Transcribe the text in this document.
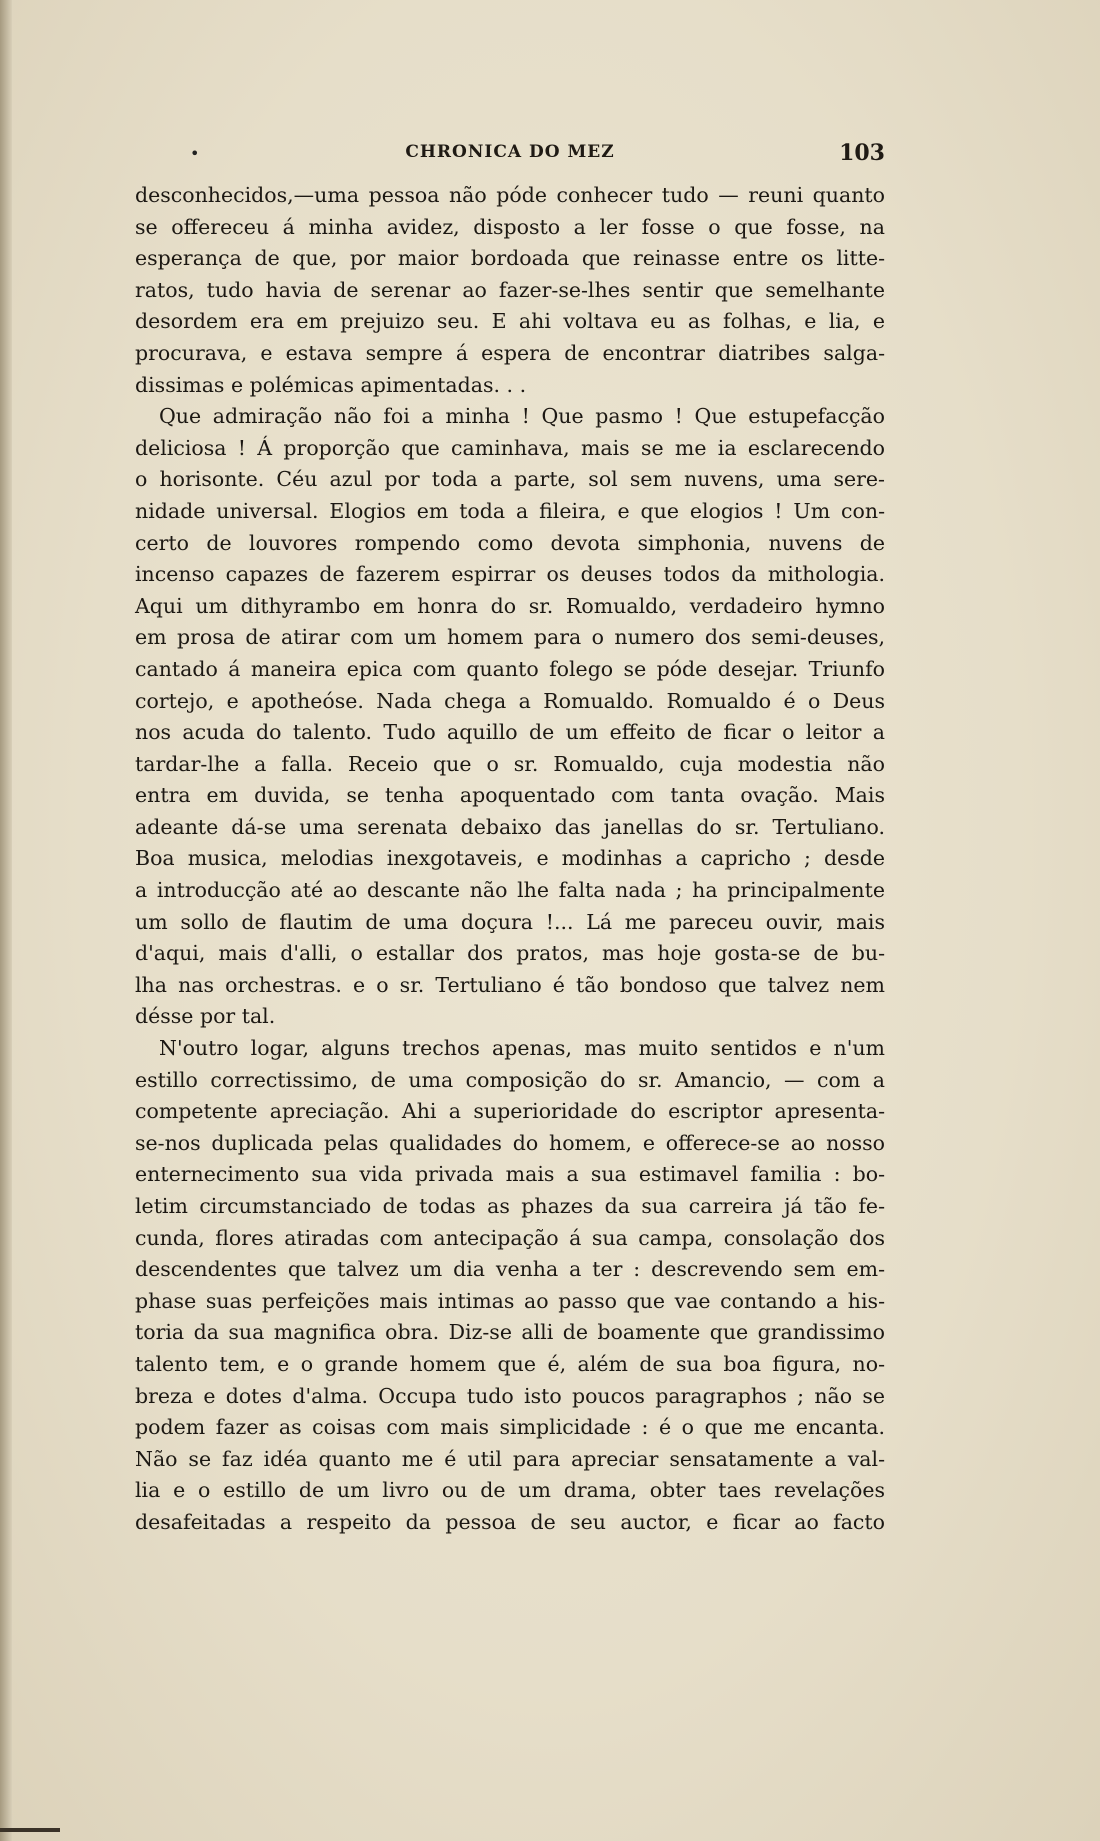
•	CHRONICA DO MEZ	103
desconhecidos,—uma pessoa não póde conhecer tudo — reuni quanto
se offereceu á minha avidez, disposto a ler fosse o que fosse, na
esperança de que, por maior bordoada que reinasse entre os litte-
ratos, tudo havia de serenar ao fazer-se-lhes sentir que semelhante
desordem era em prejuizo seu. E ahi voltava eu as folhas, e lia, e
procurava, e estava sempre á espera de encontrar diatribes salga-
dissimas e polémicas apimentadas. . .
Que admiração não foi a minha ! Que pasmo ! Que estupefacção
deliciosa ! Á proporção que caminhava, mais se me ia esclarecendo
o horisonte. Céu azul por toda a parte, sol sem nuvens, uma sere-
nidade universal. Elogios em toda a fileira, e que elogios ! Um con-
certo de louvores rompendo como devota simphonia, nuvens de
incenso capazes de fazerem espirrar os deuses todos da mithologia.
Aqui um dithyrambo em honra do sr. Romualdo, verdadeiro hymno
em prosa de atirar com um homem para o numero dos semi-deuses,
cantado á maneira epica com quanto folego se póde desejar. Triunfo
cortejo, e apotheóse. Nada chega a Romualdo. Romualdo é o Deus
nos acuda do talento. Tudo aquillo de um effeito de ficar o leitor a
tardar-lhe a falla. Receio que o sr. Romualdo, cuja modestia não
entra em duvida, se tenha apoquentado com tanta ovação. Mais
adeante dá-se uma serenata debaixo das janellas do sr. Tertuliano.
Boa musica, melodias inexgotaveis, e modinhas a capricho ; desde
a introducção até ao descante não lhe falta nada ; ha principalmente
um sollo de flautim de uma doçura !... Lá me pareceu ouvir, mais
d'aqui, mais d'alli, o estallar dos pratos, mas hoje gosta-se de bu-
lha nas orchestras. e o sr. Tertuliano é tão bondoso que talvez nem
désse por tal.
N'outro logar, alguns trechos apenas, mas muito sentidos e n'um
estillo correctissimo, de uma composição do sr. Amancio, — com a
competente apreciação. Ahi a superioridade do escriptor apresenta-
se-nos duplicada pelas qualidades do homem, e offerece-se ao nosso
enternecimento sua vida privada mais a sua estimavel familia : bo-
letim circumstanciado de todas as phazes da sua carreira já tão fe-
cunda, flores atiradas com antecipação á sua campa, consolação dos
descendentes que talvez um dia venha a ter : descrevendo sem em-
phase suas perfeições mais intimas ao passo que vae contando a his-
toria da sua magnifica obra. Diz-se alli de boamente que grandissimo
talento tem, e o grande homem que é, além de sua boa figura, no-
breza e dotes d'alma. Occupa tudo isto poucos paragraphos ; não se
podem fazer as coisas com mais simplicidade : é o que me encanta.
Não se faz idéa quanto me é util para apreciar sensatamente a val-
lia e o estillo de um livro ou de um drama, obter taes revelações
desafeitadas a respeito da pessoa de seu auctor, e ficar ao facto
